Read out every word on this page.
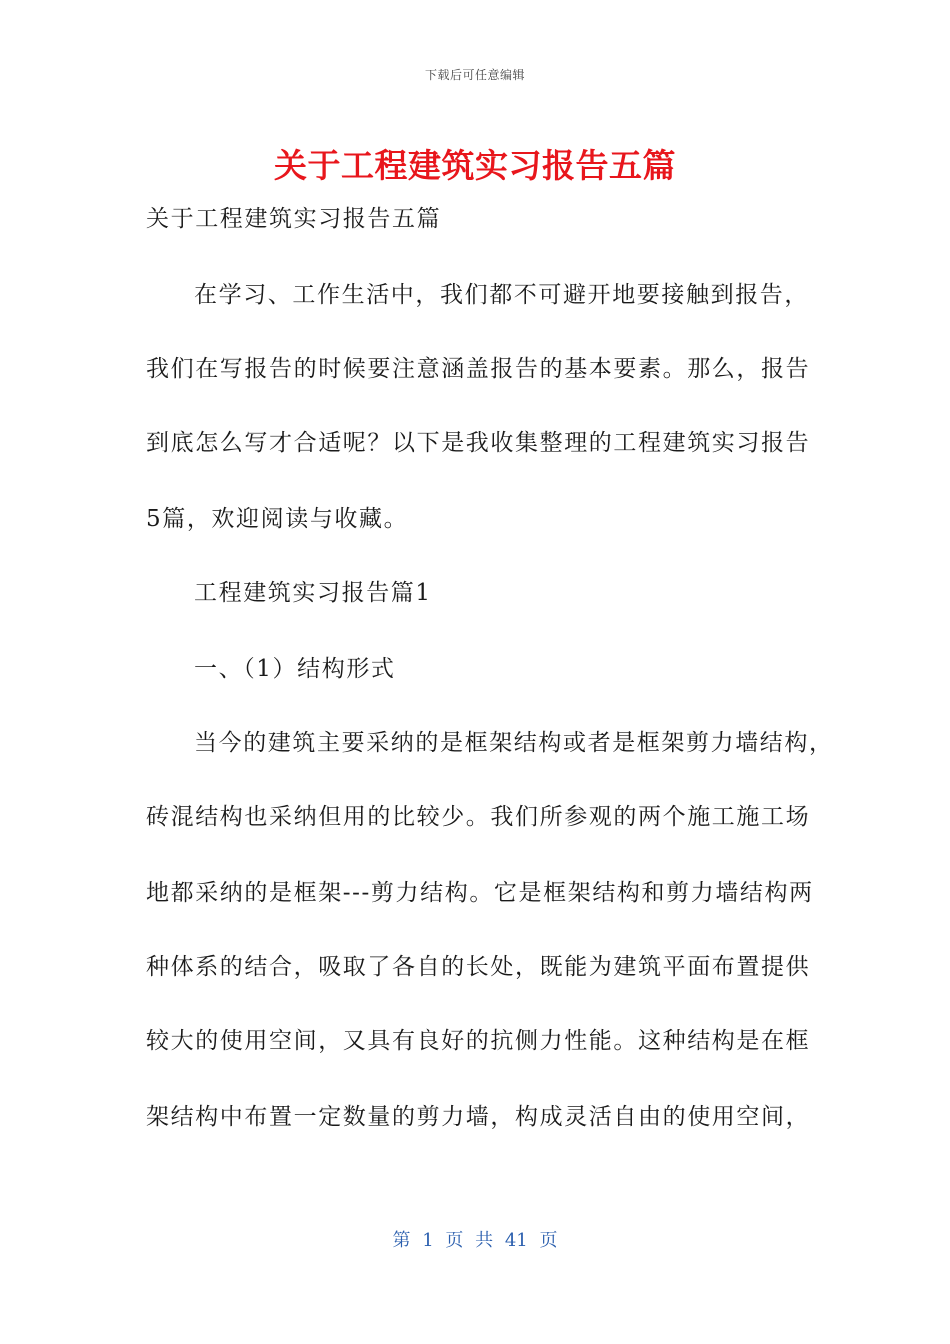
下载后可任意编辑
关于工程建筑实习报告五篇
关于工程建筑实习报告五篇
在学习、工作生活中，我们都不可避开地要接触到报告，
我们在写报告的时候要注意涵盖报告的基本要素。那么，报告
到底怎么写才合适呢？以下是我收集整理的工程建筑实习报告
5篇，欢迎阅读与收藏。
工程建筑实习报告篇1
一、（1）结构形式
当今的建筑主要采纳的是框架结构或者是框架剪力墙结构，
砖混结构也采纳但用的比较少。我们所参观的两个施工施工场
地都采纳的是框架---剪力结构。它是框架结构和剪力墙结构两
种体系的结合，吸取了各自的长处，既能为建筑平面布置提供
较大的使用空间，又具有良好的抗侧力性能。这种结构是在框
架结构中布置一定数量的剪力墙，构成灵活自由的使用空间，
第 1 页 共 41 页
